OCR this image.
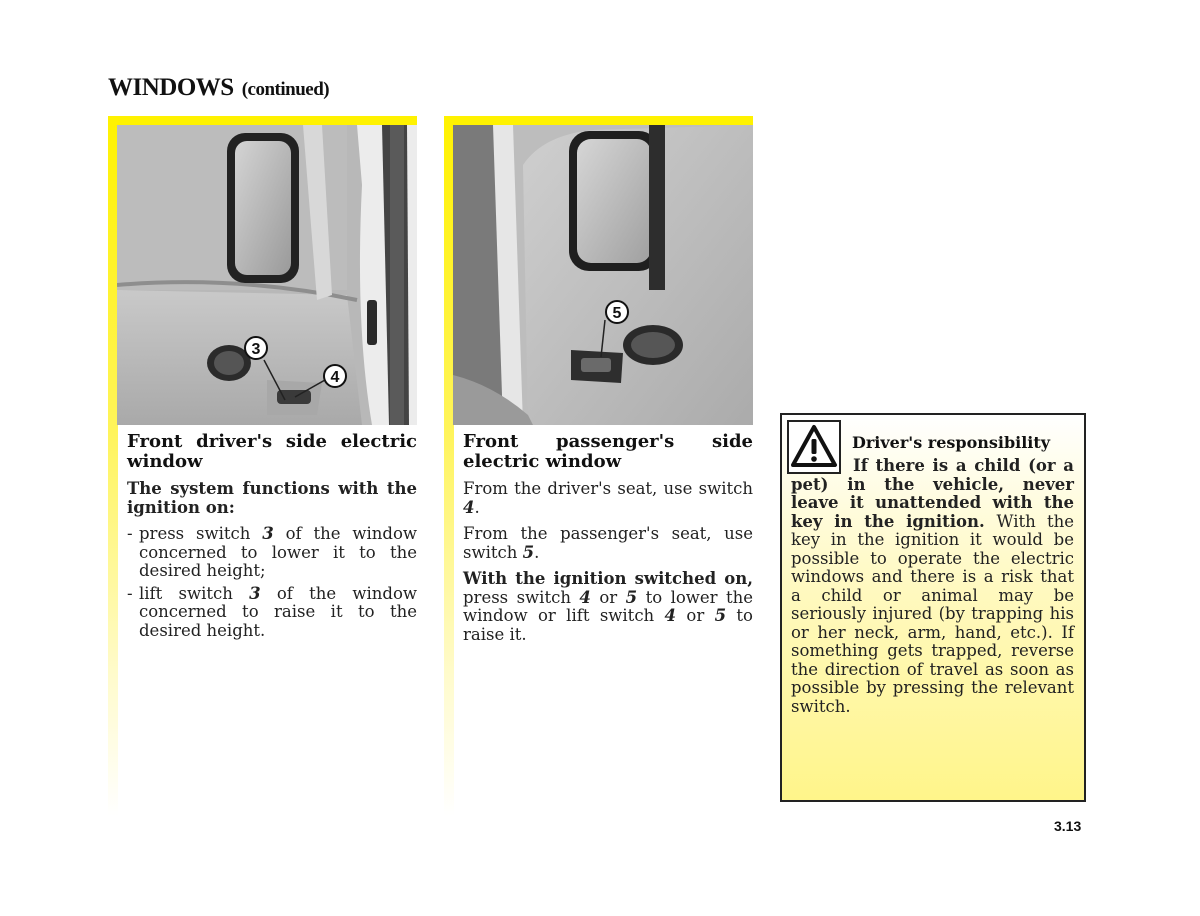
WINDOWS (continued)
3
4
Front driver's side electric window

The system functions with the ignition on:

- press switch 3 of the window concerned to lower it to the desired height;
- lift switch 3 of the window concerned to raise it to the desired height.
5
Front passenger's side electric window

From the driver's seat, use switch 4.

From the passenger's seat, use switch 5.

With the ignition switched on, press switch 4 or 5 to lower the window or lift switch 4 or 5 to raise it.

Driver's responsibility

If there is a child (or a pet) in the vehicle, never leave it unattended with the key in the ignition. With the key in the ignition it would be possible to operate the electric windows and there is a risk that a child or animal may be seriously injured (by trapping his or her neck, arm, hand, etc.). If something gets trapped, reverse the direction of travel as soon as possible by pressing the relevant switch.

3.13
